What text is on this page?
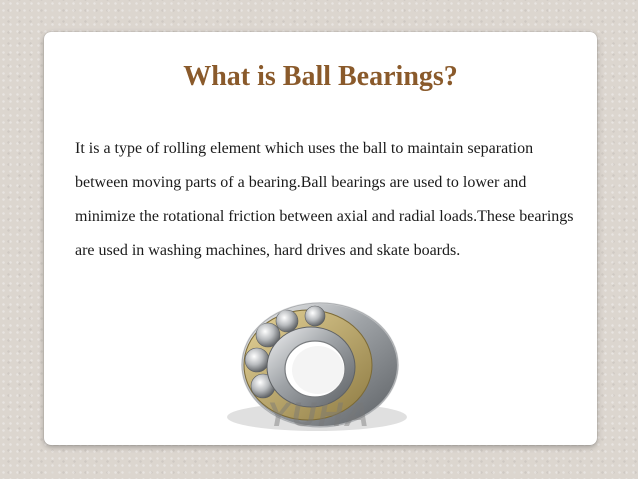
What is Ball Bearings?

It is a type of rolling element which uses the ball to maintain separation between moving parts of a bearing.Ball bearings are used to lower and minimize the rotational friction between axial and radial loads.These bearings are used in washing machines, hard drives and skate boards.

YUHA
